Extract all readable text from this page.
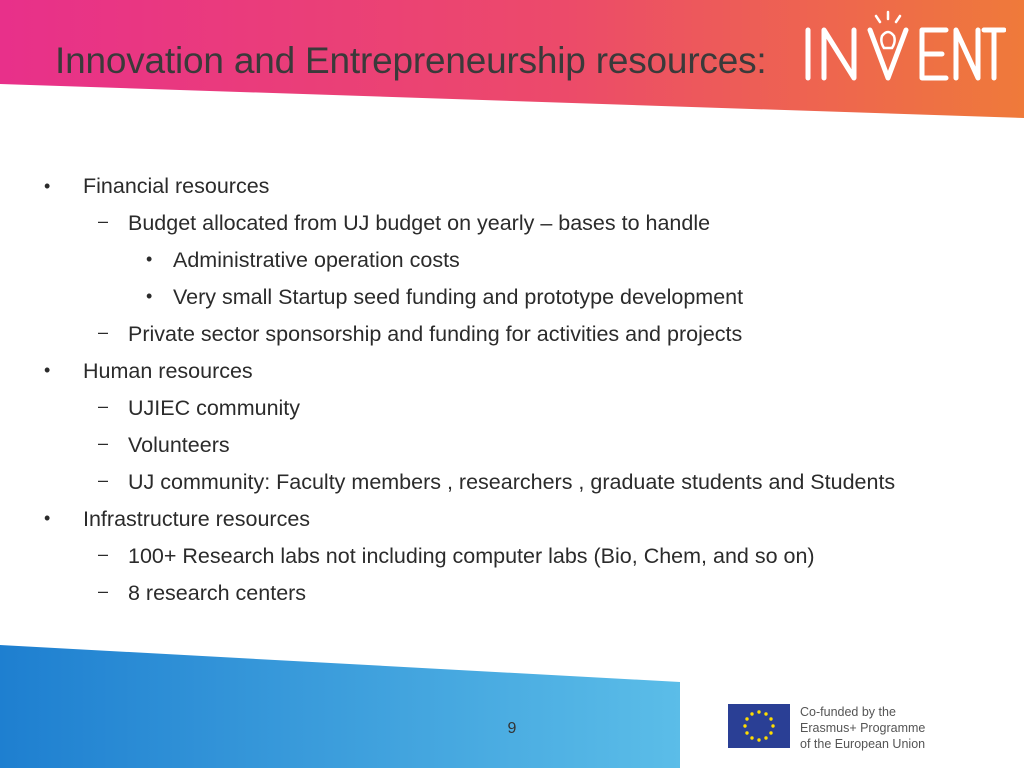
Innovation and Entrepreneurship resources:
• Financial resources
– Budget allocated from UJ budget on yearly – bases to handle
• Administrative operation costs
• Very small Startup seed funding and prototype development
– Private sector sponsorship and funding for activities and projects
• Human resources
– UJIEC community
– Volunteers
– UJ community: Faculty members , researchers , graduate students and Students
• Infrastructure resources
– 100+ Research labs not including computer labs (Bio, Chem, and so on)
– 8 research centers
9
Co-funded by the
Erasmus+ Programme
of the European Union
